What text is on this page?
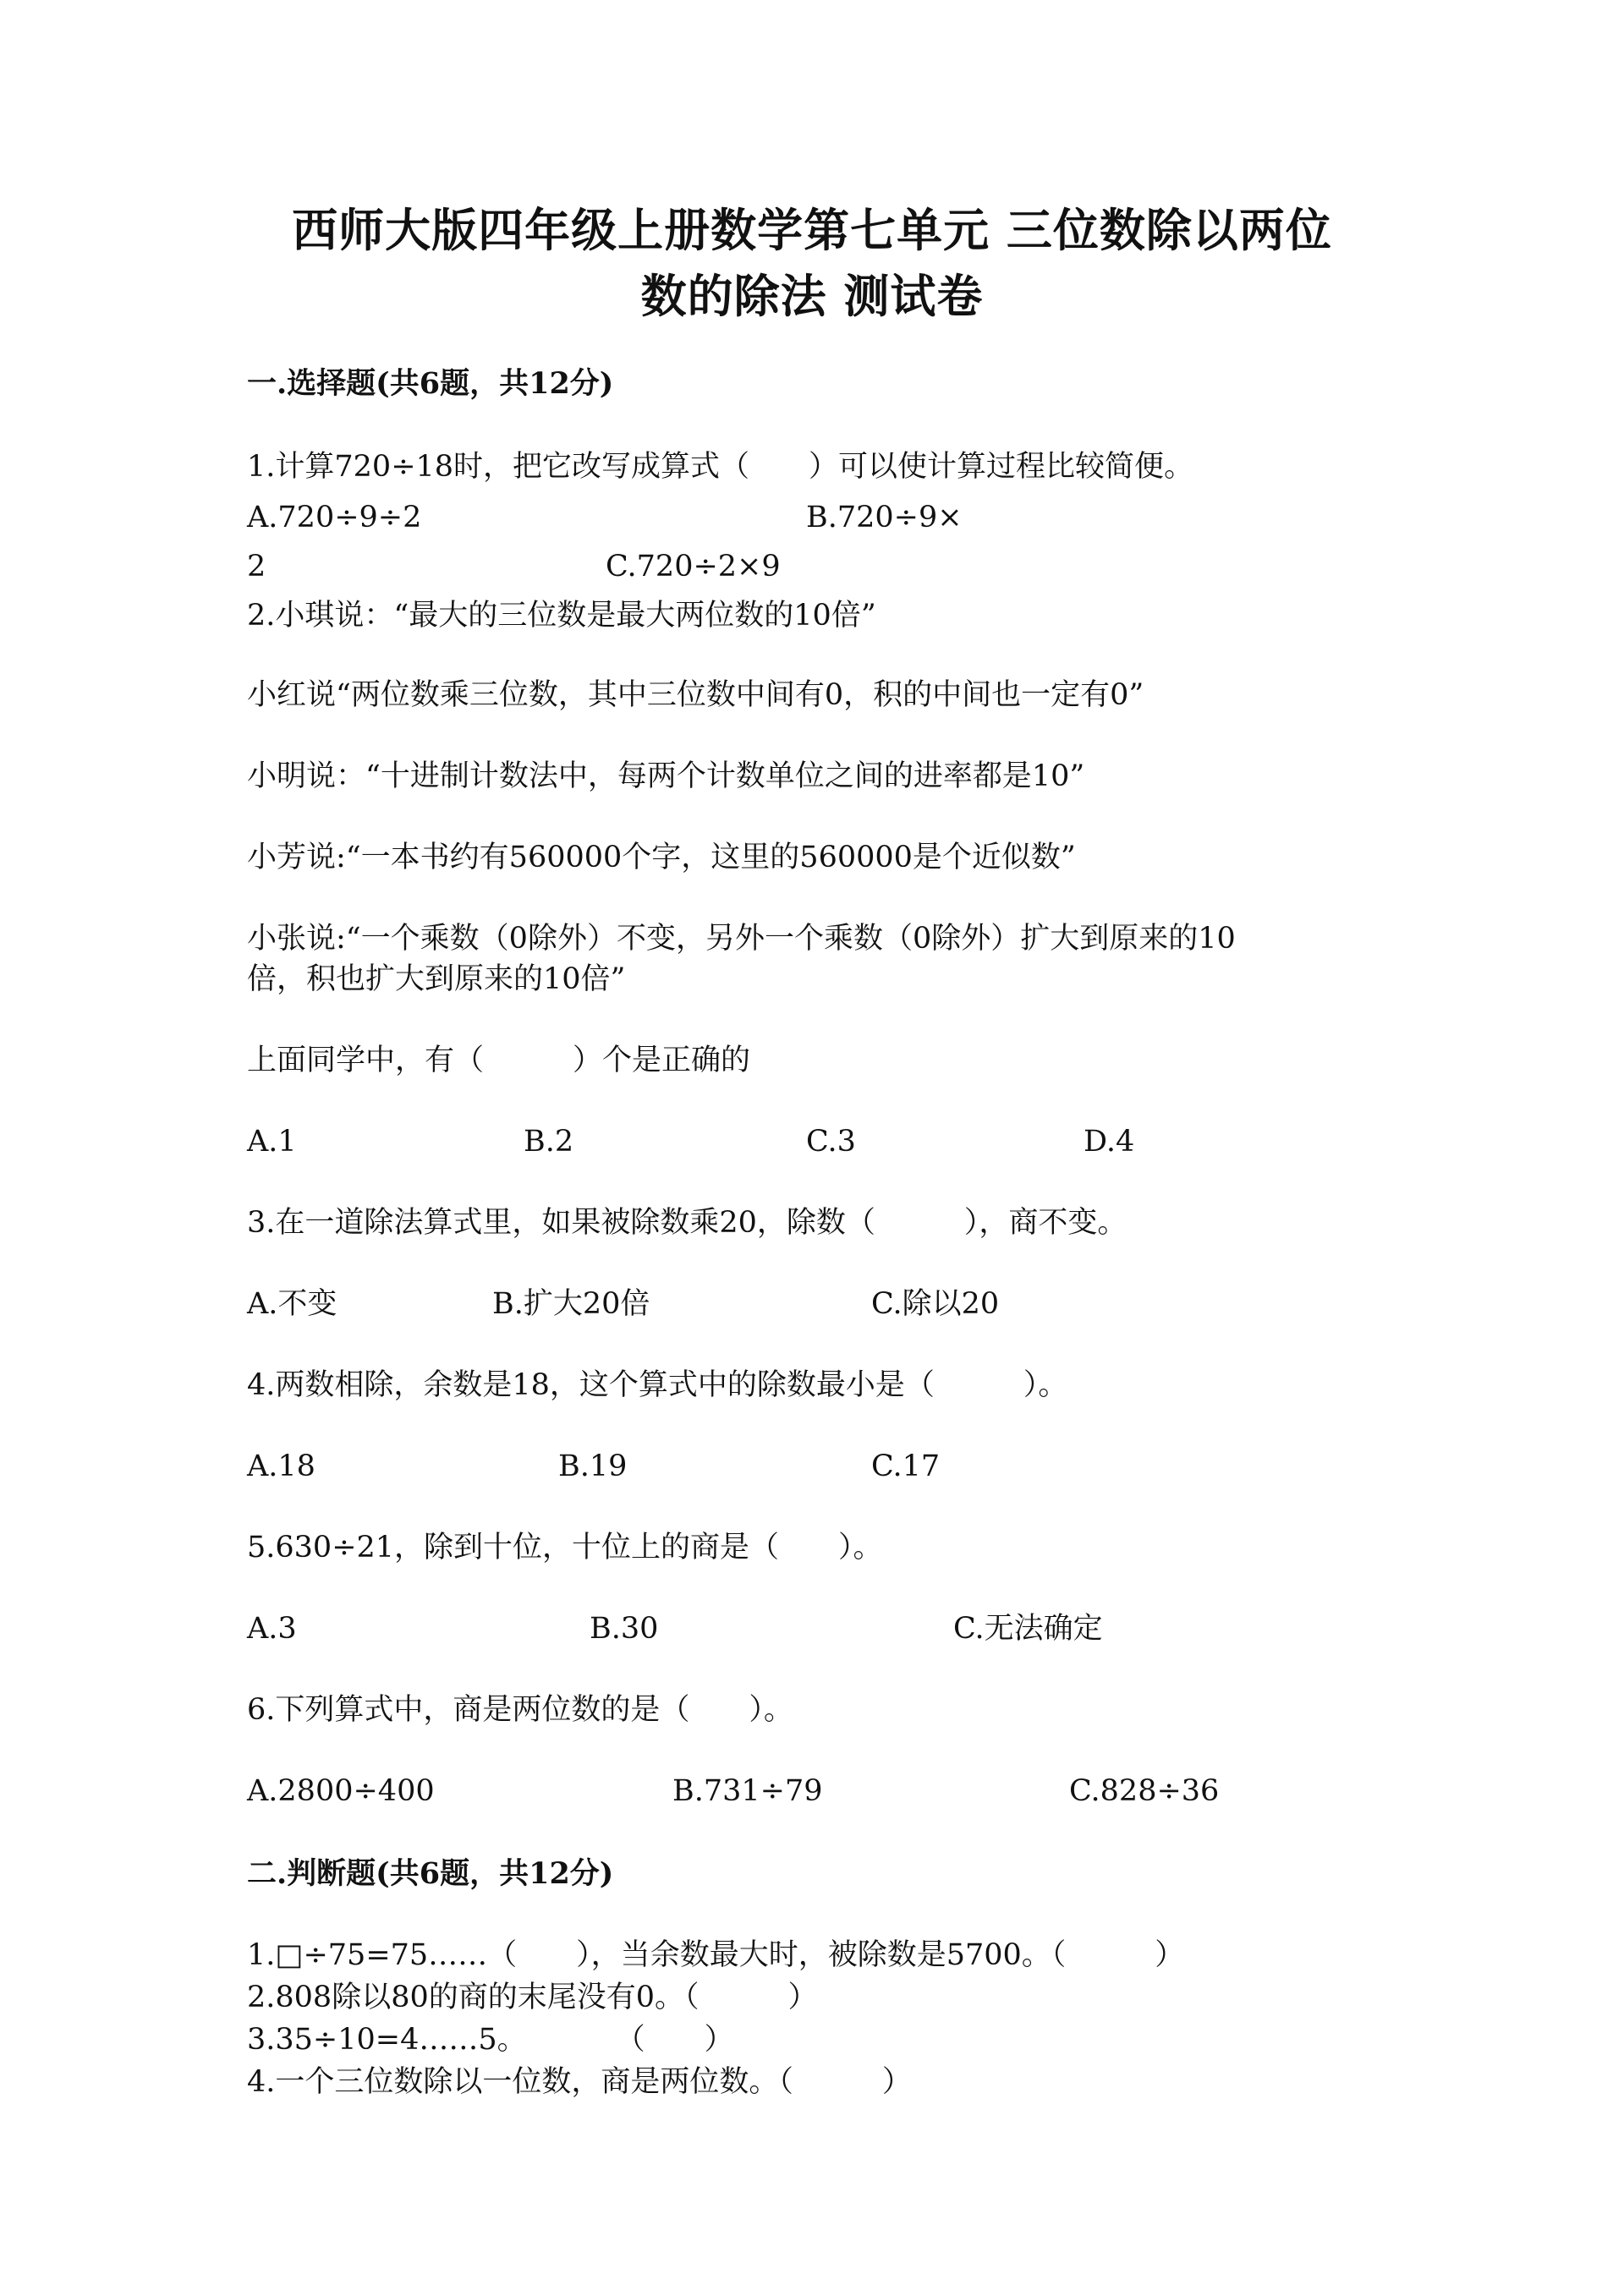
西师大版四年级上册数学第七单元 三位数除以两位
数的除法 测试卷
一.选择题(共6题，共12分)
1.计算720÷18时，把它改写成算式（　　）可以使计算过程比较简便。
A.720÷9÷2	B.720÷9×
2	C.720÷2×9
2.小琪说：“最大的三位数是最大两位数的10倍”
小红说“两位数乘三位数，其中三位数中间有0，积的中间也一定有0”
小明说：“十进制计数法中，每两个计数单位之间的进率都是10”
小芳说:“一本书约有560000个字，这里的560000是个近似数”
小张说:“一个乘数（0除外）不变，另外一个乘数（0除外）扩大到原来的10
倍，积也扩大到原来的10倍”
上面同学中，有（　　　）个是正确的
A.1	B.2	C.3	D.4
3.在一道除法算式里，如果被除数乘20，除数（　　　），商不变。
A.不变	B.扩大20倍	C.除以20
4.两数相除，余数是18，这个算式中的除数最小是（　　　）。
A.18	B.19	C.17
5.630÷21，除到十位，十位上的商是（　　）。
A.3	B.30	C.无法确定
6.下列算式中，商是两位数的是（　　）。
A.2800÷400	B.731÷79	C.828÷36
二.判断题(共6题，共12分)
1.□÷75=75……（　　），当余数最大时，被除数是5700。（　　　）
2.808除以80的商的末尾没有0。（　　　）
3.35÷10=4……5。　　　　（　　）
4.一个三位数除以一位数，商是两位数。（　　　）
